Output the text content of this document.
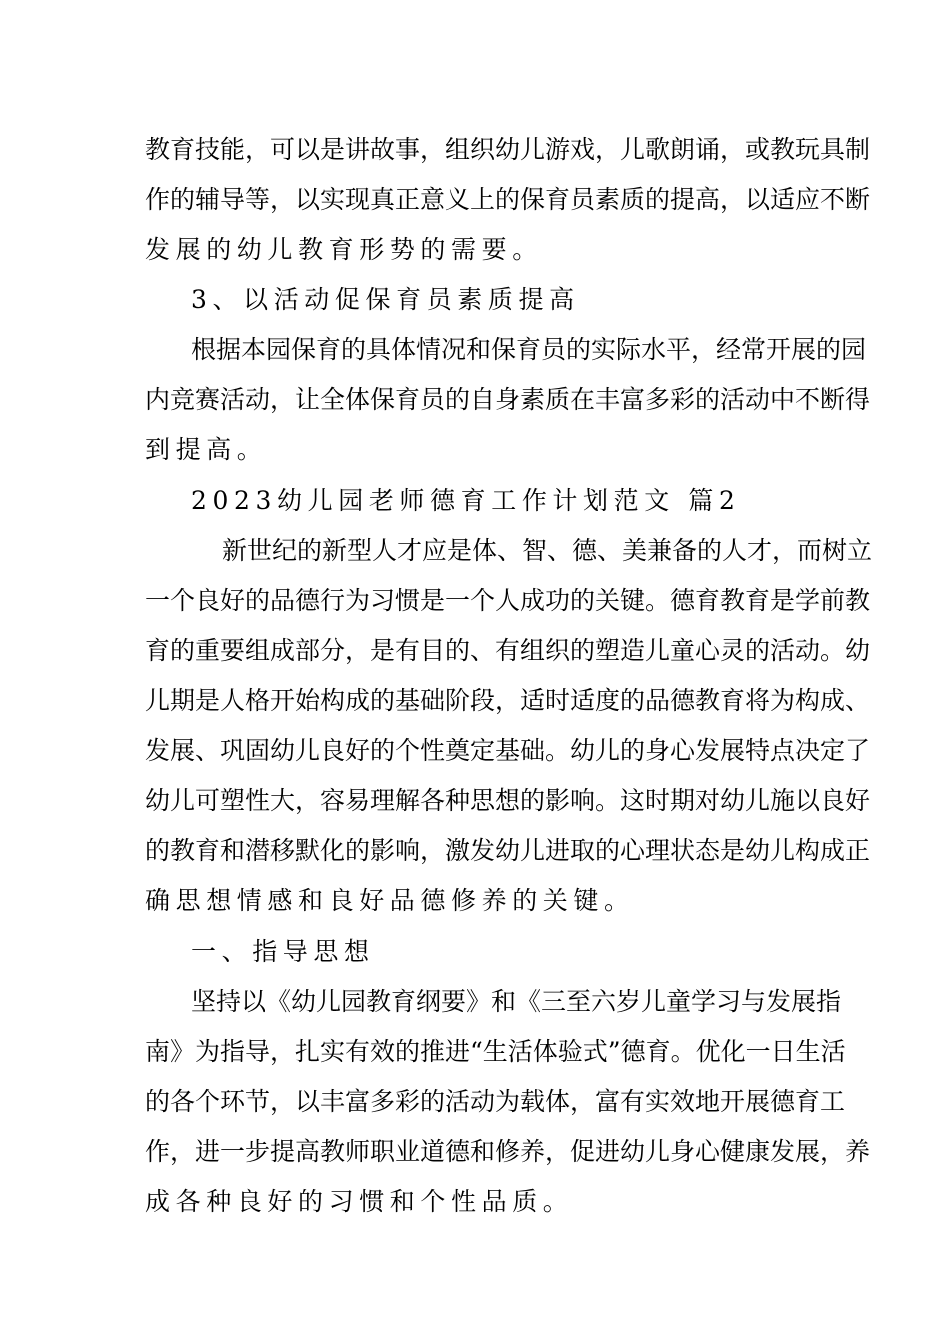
教育技能，可以是讲故事，组织幼儿游戏，儿歌朗诵，或教玩具制
作的辅导等，以实现真正意义上的保育员素质的提高，以适应不断
发展的幼儿教育形势的需要。
3、以活动促保育员素质提高
根据本园保育的具体情况和保育员的实际水平，经常开展的园
内竞赛活动，让全体保育员的自身素质在丰富多彩的活动中不断得
到提高。
2023幼儿园老师德育工作计划范文 篇2
新世纪的新型人才应是体、智、德、美兼备的人才，而树立
一个良好的品德行为习惯是一个人成功的关键。德育教育是学前教
育的重要组成部分，是有目的、有组织的塑造儿童心灵的活动。幼
儿期是人格开始构成的基础阶段，适时适度的品德教育将为构成、
发展、巩固幼儿良好的个性奠定基础。幼儿的身心发展特点决定了
幼儿可塑性大，容易理解各种思想的影响。这时期对幼儿施以良好
的教育和潜移默化的影响，激发幼儿进取的心理状态是幼儿构成正
确思想情感和良好品德修养的关键。
一、指导思想
坚持以《幼儿园教育纲要》和《三至六岁儿童学习与发展指
南》为指导，扎实有效的推进“生活体验式”德育。优化一日生活
的各个环节，以丰富多彩的活动为载体，富有实效地开展德育工
作，进一步提高教师职业道德和修养，促进幼儿身心健康发展，养
成各种良好的习惯和个性品质。
